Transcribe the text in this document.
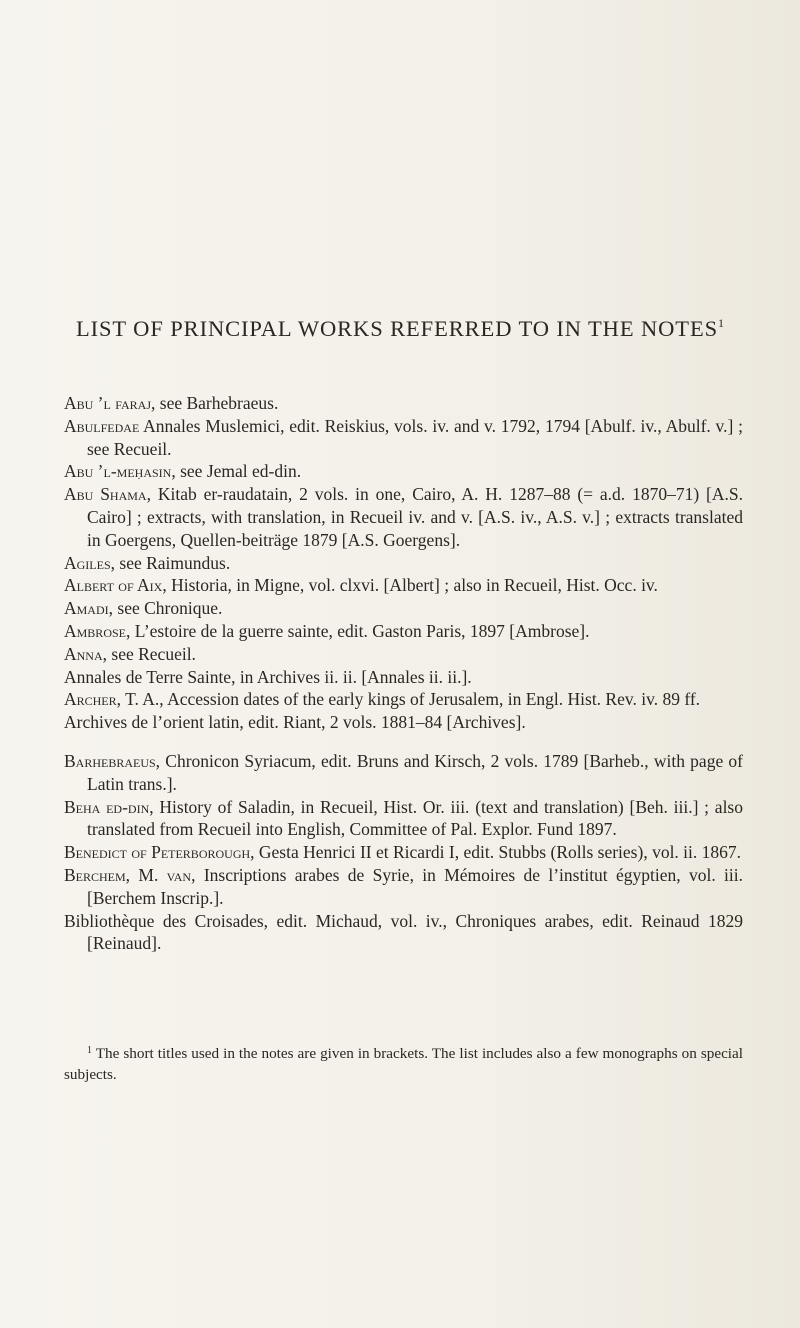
LIST OF PRINCIPAL WORKS REFERRED TO IN THE NOTES$^1$

Abu ’l faraj, see Barhebraeus.

Abulfedae Annales Muslemici, edit. Reiskius, vols. iv. and v. 1792, 1794 [Abulf. iv., Abulf. v.] ; see Recueil.

Abu ’l-meḥasin, see Jemal ed-din.

Abu Shama, Kitab er-raudatain, 2 vols. in one, Cairo, A. H. 1287–88 (= a.d. 1870–71) [A.S. Cairo] ; extracts, with translation, in Recueil iv. and v. [A.S. iv., A.S. v.] ; extracts translated in Goergens, Quellen-beiträge 1879 [A.S. Goergens].

Agiles, see Raimundus.

Albert of Aix, Historia, in Migne, vol. clxvi. [Albert] ; also in Recueil, Hist. Occ. iv.

Amadi, see Chronique.

Ambrose, L’estoire de la guerre sainte, edit. Gaston Paris, 1897 [Ambrose].

Anna, see Recueil.

Annales de Terre Sainte, in Archives ii. ii. [Annales ii. ii.].

Archer, T. A., Accession dates of the early kings of Jerusalem, in Engl. Hist. Rev. iv. 89 ff.

Archives de l’orient latin, edit. Riant, 2 vols. 1881–84 [Archives].

Barhebraeus, Chronicon Syriacum, edit. Bruns and Kirsch, 2 vols. 1789 [Barheb., with page of Latin trans.].

Beha ed-din, History of Saladin, in Recueil, Hist. Or. iii. (text and translation) [Beh. iii.] ; also translated from Recueil into English, Committee of Pal. Explor. Fund 1897.

Benedict of Peterborough, Gesta Henrici II et Ricardi I, edit. Stubbs (Rolls series), vol. ii. 1867.

Berchem, M. van, Inscriptions arabes de Syrie, in Mémoires de l’institut égyptien, vol. iii. [Berchem Inscrip.].

Bibliothèque des Croisades, edit. Michaud, vol. iv., Chroniques arabes, edit. Reinaud 1829 [Reinaud].

$^1$ The short titles used in the notes are given in brackets. The list includes also a few monographs on special subjects.
